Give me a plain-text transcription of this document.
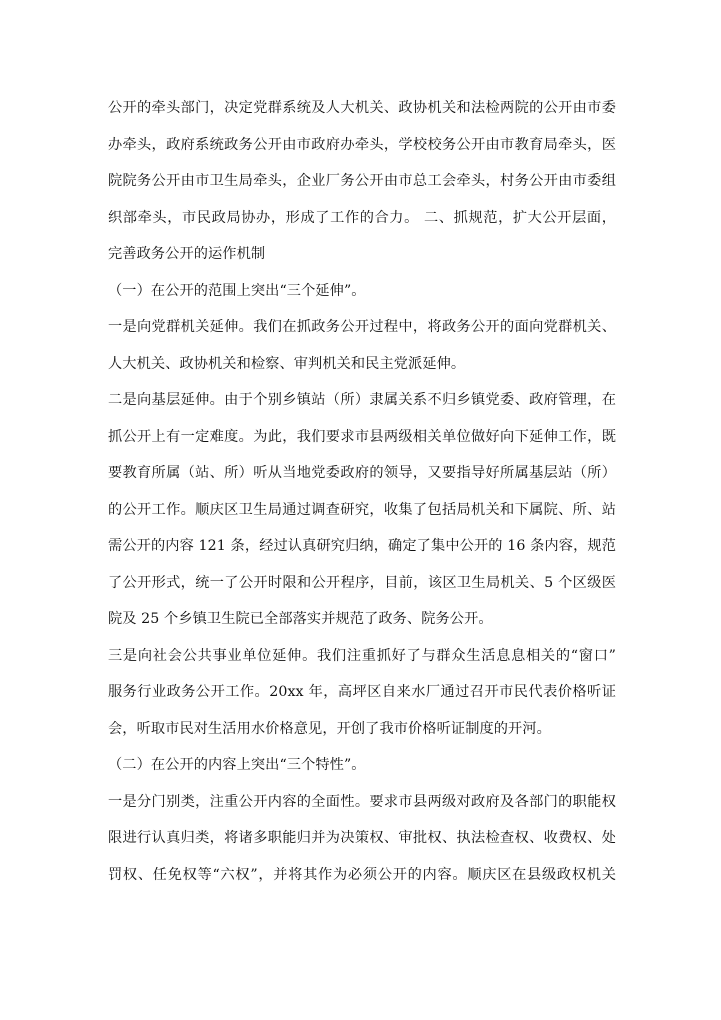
公开的牵头部门，决定党群系统及人大机关、政协机关和法检两院的公开由市委
办牵头，政府系统政务公开由市政府办牵头，学校校务公开由市教育局牵头，医
院院务公开由市卫生局牵头，企业厂务公开由市总工会牵头，村务公开由市委组
织部牵头，市民政局协办，形成了工作的合力。 二、抓规范，扩大公开层面，
完善政务公开的运作机制
（一）在公开的范围上突出“三个延伸”。
一是向党群机关延伸。我们在抓政务公开过程中，将政务公开的面向党群机关、
人大机关、政协机关和检察、审判机关和民主党派延伸。
二是向基层延伸。由于个别乡镇站（所）隶属关系不归乡镇党委、政府管理，在
抓公开上有一定难度。为此，我们要求市县两级相关单位做好向下延伸工作，既
要教育所属（站、所）听从当地党委政府的领导，又要指导好所属基层站（所）
的公开工作。顺庆区卫生局通过调查研究，收集了包括局机关和下属院、所、站
需公开的内容 121 条，经过认真研究归纳，确定了集中公开的 16 条内容，规范
了公开形式，统一了公开时限和公开程序，目前，该区卫生局机关、5 个区级医
院及 25 个乡镇卫生院已全部落实并规范了政务、院务公开。
三是向社会公共事业单位延伸。我们注重抓好了与群众生活息息相关的“窗口”
服务行业政务公开工作。20xx 年，高坪区自来水厂通过召开市民代表价格听证
会，听取市民对生活用水价格意见，开创了我市价格听证制度的开河。
（二）在公开的内容上突出“三个特性”。
一是分门别类，注重公开内容的全面性。要求市县两级对政府及各部门的职能权
限进行认真归类，将诸多职能归并为决策权、审批权、执法检查权、收费权、处
罚权、任免权等“六权”，并将其作为必须公开的内容。顺庆区在县级政权机关
